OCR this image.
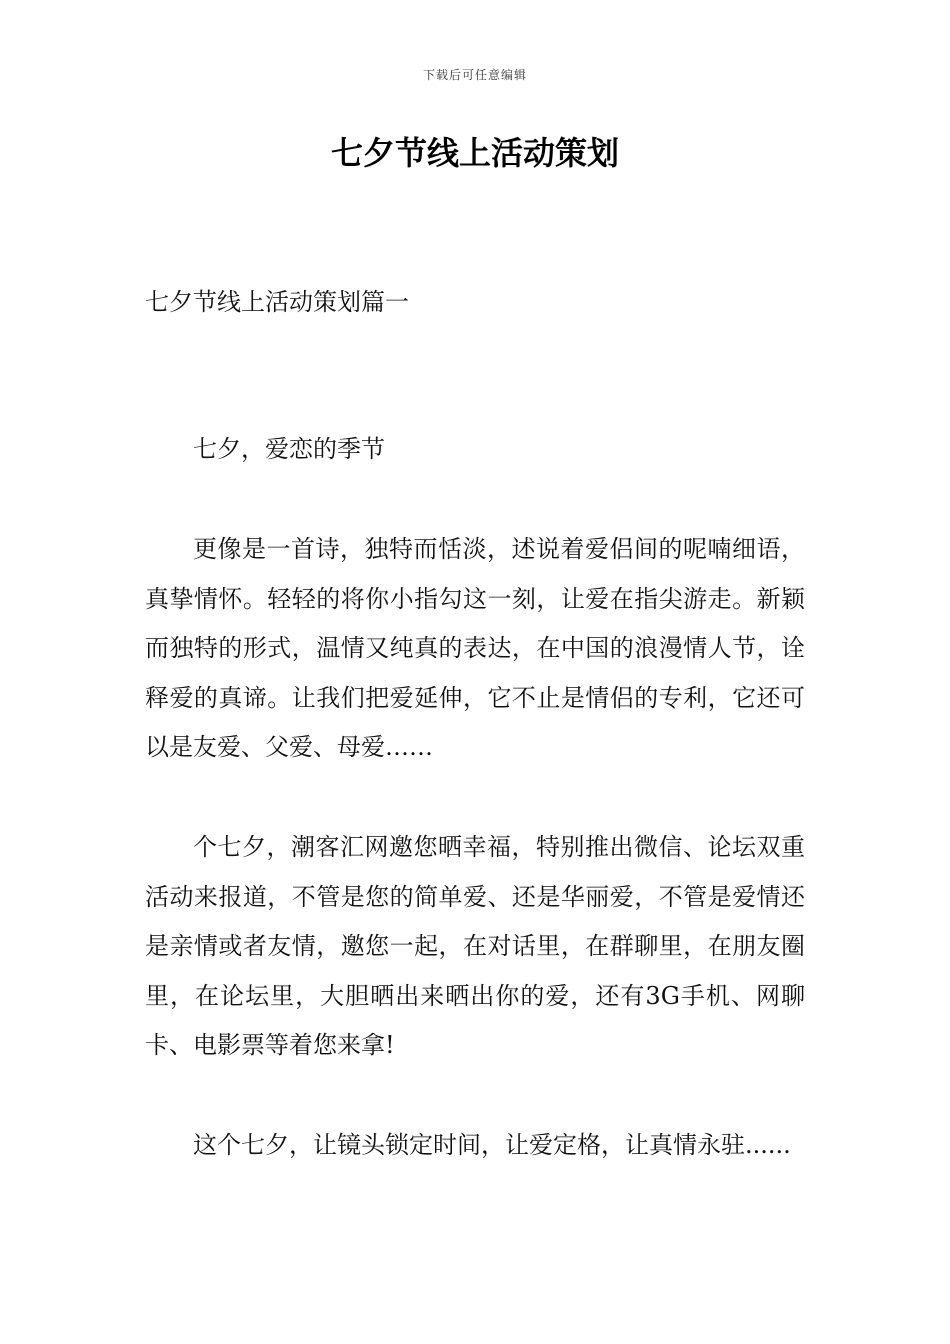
下载后可任意编辑
七夕节线上活动策划
七夕节线上活动策划篇一

七夕，爱恋的季节

更像是一首诗，独特而恬淡，述说着爱侣间的呢喃细语，真挚情怀。轻轻的将你小指勾这一刻，让爱在指尖游走。新颖而独特的形式，温情又纯真的表达，在中国的浪漫情人节，诠释爱的真谛。让我们把爱延伸，它不止是情侣的专利，它还可以是友爱、父爱、母爱……

个七夕，潮客汇网邀您晒幸福，特别推出微信、论坛双重活动来报道，不管是您的简单爱、还是华丽爱，不管是爱情还是亲情或者友情，邀您一起，在对话里，在群聊里，在朋友圈里，在论坛里，大胆晒出来晒出你的爱，还有3G手机、网聊卡、电影票等着您来拿!

这个七夕，让镜头锁定时间，让爱定格，让真情永驻......
